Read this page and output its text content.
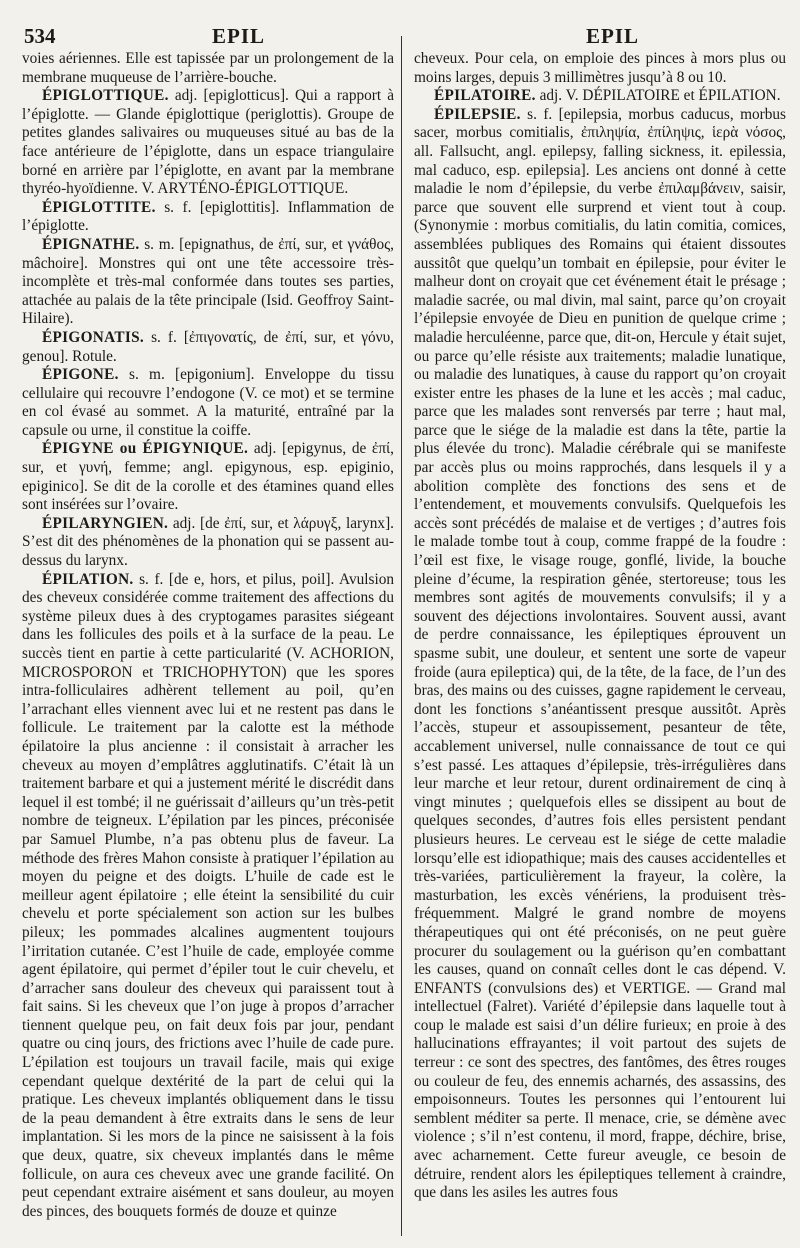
534	EPIL	EPIL

voies aériennes. Elle est tapissée par un prolongement de la membrane muqueuse de l’arrière-bouche.

ÉPIGLOTTIQUE. adj. [epiglotticus]. Qui a rapport à l’épiglotte. — Glande épiglottique (periglottis). Groupe de petites glandes salivaires ou muqueuses situé au bas de la face antérieure de l’épiglotte, dans un espace triangulaire borné en arrière par l’épiglotte, en avant par la membrane thyréo-hyoïdienne. V. ARYTÉNO-ÉPIGLOTTIQUE.

ÉPIGLOTTITE. s. f. [epiglottitis]. Inflammation de l’épiglotte.

ÉPIGNATHE. s. m. [epignathus, de ἐπί, sur, et γνάθος, mâchoire]. Monstres qui ont une tête accessoire très-incomplète et très-mal conformée dans toutes ses parties, attachée au palais de la tête principale (Isid. Geoffroy Saint-Hilaire).

ÉPIGONATIS. s. f. [ἐπιγονατίς, de ἐπί, sur, et γόνυ, genou]. Rotule.

ÉPIGONE. s. m. [epigonium]. Enveloppe du tissu cellulaire qui recouvre l’endogone (V. ce mot) et se termine en col évasé au sommet. A la maturité, entraîné par la capsule ou urne, il constitue la coiffe.

ÉPIGYNE ou ÉPIGYNIQUE. adj. [epigynus, de ἐπί, sur, et γυνή, femme; angl. epigynous, esp. epiginio, epiginico]. Se dit de la corolle et des étamines quand elles sont insérées sur l’ovaire.

ÉPILARYNGIEN. adj. [de ἐπί, sur, et λάρυγξ, larynx]. S’est dit des phénomènes de la phonation qui se passent au-dessus du larynx.

ÉPILATION. s. f. [de e, hors, et pilus, poil]. Avulsion des cheveux considérée comme traitement des affections du système pileux dues à des cryptogames parasites siégeant dans les follicules des poils et à la surface de la peau. Le succès tient en partie à cette particularité (V. ACHORION, MICROSPORON et TRICHOPHYTON) que les spores intra-folliculaires adhèrent tellement au poil, qu’en l’arrachant elles viennent avec lui et ne restent pas dans le follicule. Le traitement par la calotte est la méthode épilatoire la plus ancienne : il consistait à arracher les cheveux au moyen d’emplâtres agglutinatifs. C’était là un traitement barbare et qui a justement mérité le discrédit dans lequel il est tombé; il ne guérissait d’ailleurs qu’un très-petit nombre de teigneux. L’épilation par les pinces, préconisée par Samuel Plumbe, n’a pas obtenu plus de faveur. La méthode des frères Mahon consiste à pratiquer l’épilation au moyen du peigne et des doigts. L’huile de cade est le meilleur agent épilatoire ; elle éteint la sensibilité du cuir chevelu et porte spécialement son action sur les bulbes pileux; les pommades alcalines augmentent toujours l’irritation cutanée. C’est l’huile de cade, employée comme agent épilatoire, qui permet d’épiler tout le cuir chevelu, et d’arracher sans douleur des cheveux qui paraissent tout à fait sains. Si les cheveux que l’on juge à propos d’arracher tiennent quelque peu, on fait deux fois par jour, pendant quatre ou cinq jours, des frictions avec l’huile de cade pure. L’épilation est toujours un travail facile, mais qui exige cependant quelque dextérité de la part de celui qui la pratique. Les cheveux implantés obliquement dans le tissu de la peau demandent à être extraits dans le sens de leur implantation. Si les mors de la pince ne saisissent à la fois que deux, quatre, six cheveux implantés dans le même follicule, on aura ces cheveux avec une grande facilité. On peut cependant extraire aisément et sans douleur, au moyen des pinces, des bouquets formés de douze et quinze

cheveux. Pour cela, on emploie des pinces à mors plus ou moins larges, depuis 3 millimètres jusqu’à 8 ou 10.

ÉPILATOIRE. adj. V. DÉPILATOIRE et ÉPILATION.

ÉPILEPSIE. s. f. [epilepsia, morbus caducus, morbus sacer, morbus comitialis, ἐπιληψία, ἐπίληψις, ἱερὰ νόσος, all. Fallsucht, angl. epilepsy, falling sickness, it. epilessia, mal caduco, esp. epilepsia]. Les anciens ont donné à cette maladie le nom d’épilepsie, du verbe ἐπιλαμβάνειν, saisir, parce que souvent elle surprend et vient tout à coup. (Synonymie : morbus comitialis, du latin comitia, comices, assemblées publiques des Romains qui étaient dissoutes aussitôt que quelqu’un tombait en épilepsie, pour éviter le malheur dont on croyait que cet événement était le présage ; maladie sacrée, ou mal divin, mal saint, parce qu’on croyait l’épilepsie envoyée de Dieu en punition de quelque crime ; maladie herculéenne, parce que, dit-on, Hercule y était sujet, ou parce qu’elle résiste aux traitements; maladie lunatique, ou maladie des lunatiques, à cause du rapport qu’on croyait exister entre les phases de la lune et les accès ; mal caduc, parce que les malades sont renversés par terre ; haut mal, parce que le siége de la maladie est dans la tête, partie la plus élevée du tronc). Maladie cérébrale qui se manifeste par accès plus ou moins rapprochés, dans lesquels il y a abolition complète des fonctions des sens et de l’entendement, et mouvements convulsifs. Quelquefois les accès sont précédés de malaise et de vertiges ; d’autres fois le malade tombe tout à coup, comme frappé de la foudre : l’œil est fixe, le visage rouge, gonflé, livide, la bouche pleine d’écume, la respiration gênée, stertoreuse; tous les membres sont agités de mouvements convulsifs; il y a souvent des déjections involontaires. Souvent aussi, avant de perdre connaissance, les épileptiques éprouvent un spasme subit, une douleur, et sentent une sorte de vapeur froide (aura epileptica) qui, de la tête, de la face, de l’un des bras, des mains ou des cuisses, gagne rapidement le cerveau, dont les fonctions s’anéantissent presque aussitôt. Après l’accès, stupeur et assoupissement, pesanteur de tête, accablement universel, nulle connaissance de tout ce qui s’est passé. Les attaques d’épilepsie, très-irrégulières dans leur marche et leur retour, durent ordinairement de cinq à vingt minutes ; quelquefois elles se dissipent au bout de quelques secondes, d’autres fois elles persistent pendant plusieurs heures. Le cerveau est le siége de cette maladie lorsqu’elle est idiopathique; mais des causes accidentelles et très-variées, particulièrement la frayeur, la colère, la masturbation, les excès vénériens, la produisent très-fréquemment. Malgré le grand nombre de moyens thérapeutiques qui ont été préconisés, on ne peut guère procurer du soulagement ou la guérison qu’en combattant les causes, quand on connaît celles dont le cas dépend. V. ENFANTS (convulsions des) et VERTIGE. — Grand mal intellectuel (Falret). Variété d’épilepsie dans laquelle tout à coup le malade est saisi d’un délire furieux; en proie à des hallucinations effrayantes; il voit partout des sujets de terreur : ce sont des spectres, des fantômes, des êtres rouges ou couleur de feu, des ennemis acharnés, des assassins, des empoisonneurs. Toutes les personnes qui l’entourent lui semblent méditer sa perte. Il menace, crie, se démène avec violence ; s’il n’est contenu, il mord, frappe, déchire, brise, avec acharnement. Cette fureur aveugle, ce besoin de détruire, rendent alors les épileptiques tellement à craindre, que dans les asiles les autres fous
